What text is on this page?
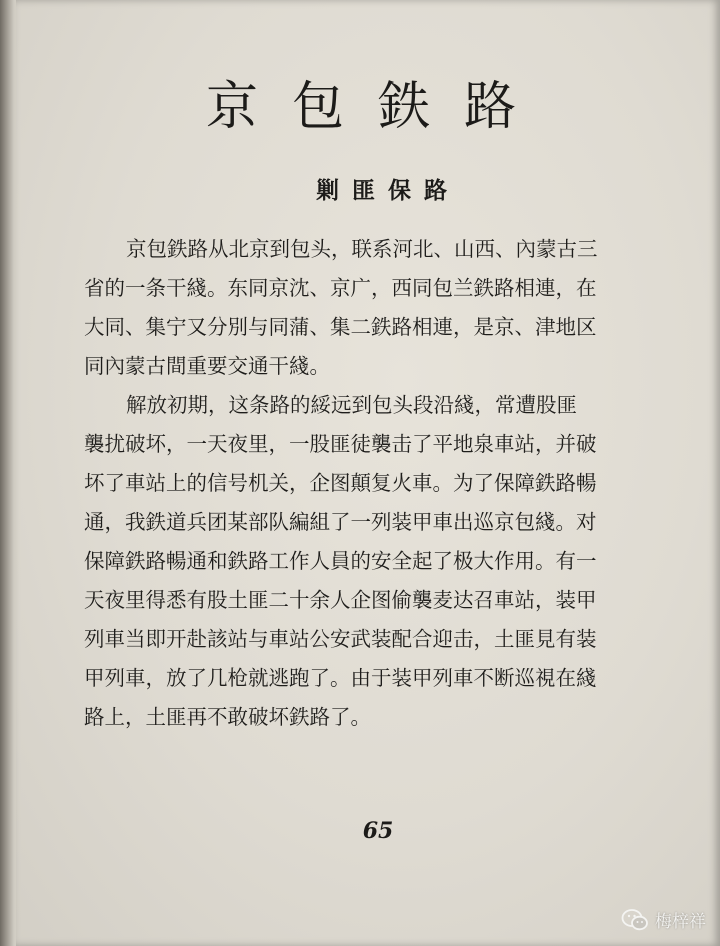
京包鉄路
剿匪保路
京包鉄路从北京到包头，联系河北、山西、內蒙古三
省的一条干綫。东同京沈、京广，西同包兰鉄路相連，在
大同、集宁又分別与同蒲、集二鉄路相連，是京、津地区
同內蒙古間重要交通干綫。
解放初期，这条路的綏远到包头段沿綫，常遭股匪
襲扰破坏，一天夜里，一股匪徒襲击了平地泉車站，并破
坏了車站上的信号机关，企图顛复火車。为了保障鉄路暢
通，我鉄道兵团某部队編組了一列装甲車出巡京包綫。对
保障鉄路暢通和鉄路工作人員的安全起了极大作用。有一
天夜里得悉有股土匪二十余人企图偷襲麦达召車站，装甲
列車当即开赴該站与車站公安武装配合迎击，土匪見有装
甲列車，放了几枪就逃跑了。由于装甲列車不断巡視在綫
路上，土匪再不敢破坏鉄路了。
65
梅梓祥
